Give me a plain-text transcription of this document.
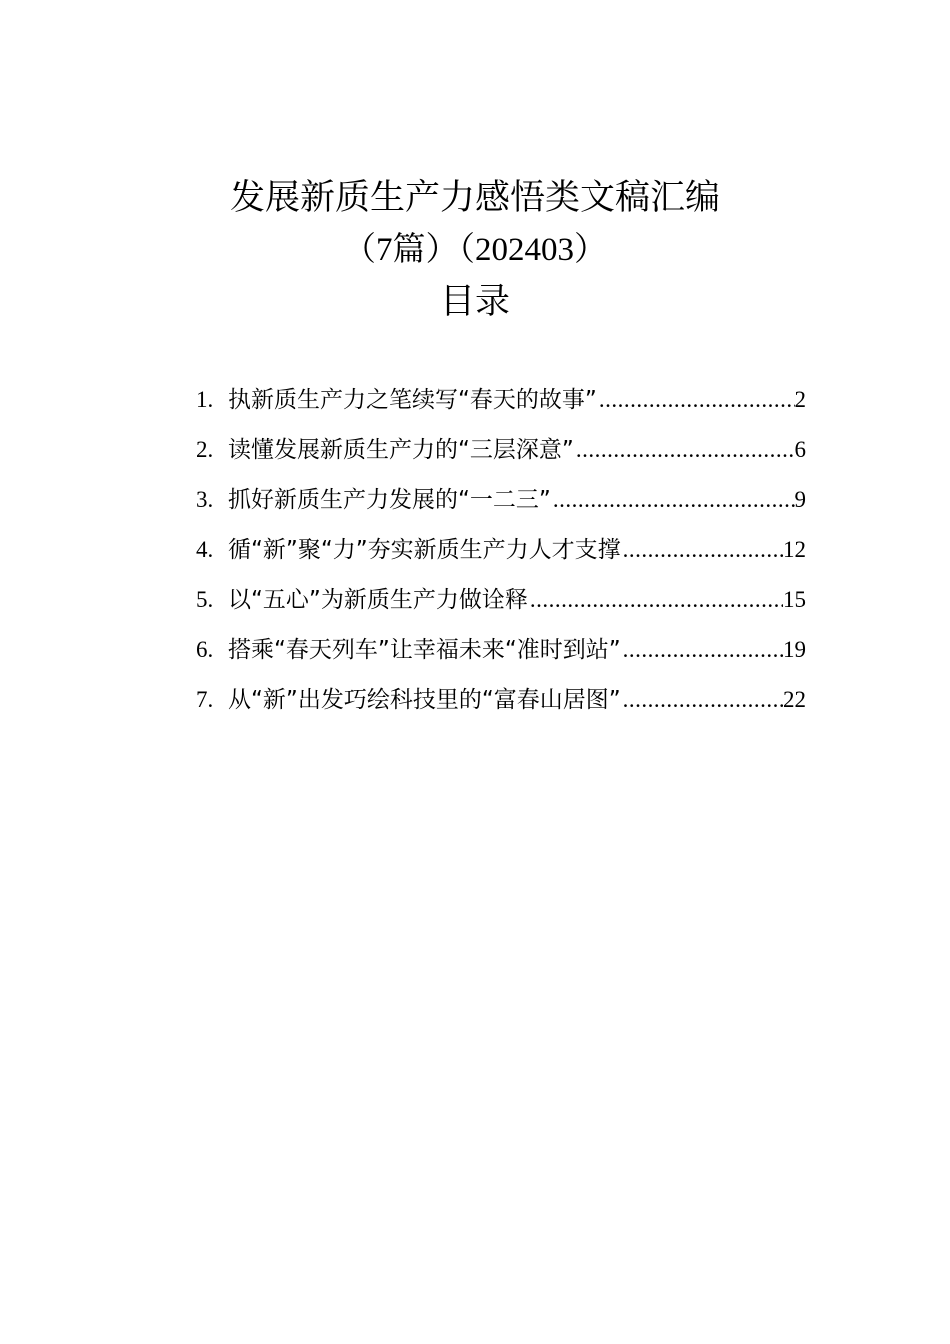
发展新质生产力感悟类文稿汇编
（7篇）（202403）
目录
1. 执新质生产力之笔续写“春天的故事” .....	2
2. 读懂发展新质生产力的“三层深意” .....	6
3. 抓好新质生产力发展的“一二三” .....	9
4. 循“新”聚“力”夯实新质生产力人才支撑 .....	12
5. 以“五心”为新质生产力做诠释 .....	15
6. 搭乘“春天列车”让幸福未来“准时到站” .....	19
7. 从“新”出发巧绘科技里的“富春山居图” .....	22
